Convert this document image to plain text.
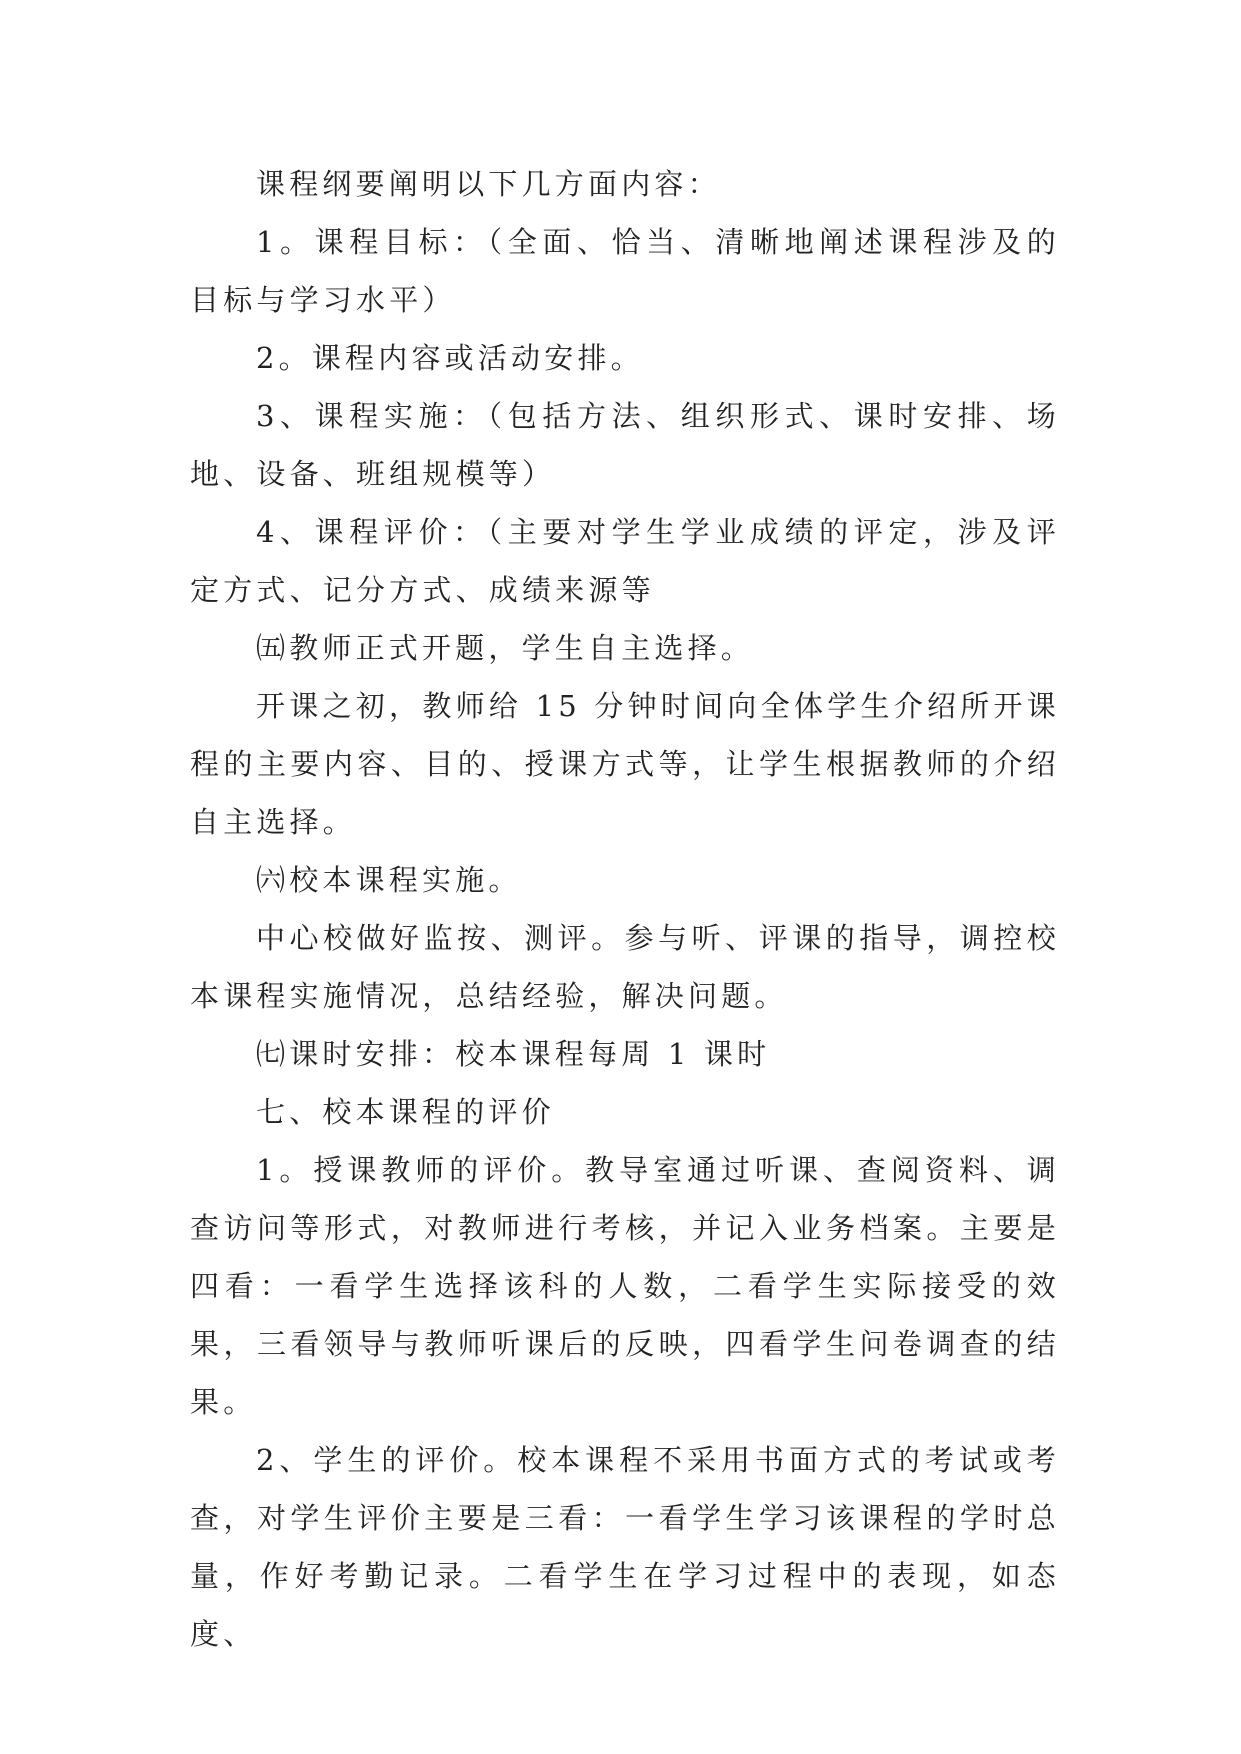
课程纲要阐明以下几方面内容：

1。课程目标：（全面、恰当、清晰地阐述课程涉及的目标与学习水平）

2。课程内容或活动安排。

3、课程实施：（包括方法、组织形式、课时安排、场地、设备、班组规模等）

4、课程评价：（主要对学生学业成绩的评定，涉及评定方式、记分方式、成绩来源等

㈤教师正式开题，学生自主选择。

开课之初，教师给 15 分钟时间向全体学生介绍所开课程的主要内容、目的、授课方式等，让学生根据教师的介绍自主选择。

㈥校本课程实施。

中心校做好监按、测评。参与听、评课的指导，调控校本课程实施情况，总结经验，解决问题。

㈦课时安排：校本课程每周 1 课时

七、校本课程的评价

1。授课教师的评价。教导室通过听课、查阅资料、调查访问等形式，对教师进行考核，并记入业务档案。主要是四看：一看学生选择该科的人数，二看学生实际接受的效果，三看领导与教师听课后的反映，四看学生问卷调查的结果。

2、学生的评价。校本课程不采用书面方式的考试或考查，对学生评价主要是三看：一看学生学习该课程的学时总量，作好考勤记录。二看学生在学习过程中的表现，如态度、
